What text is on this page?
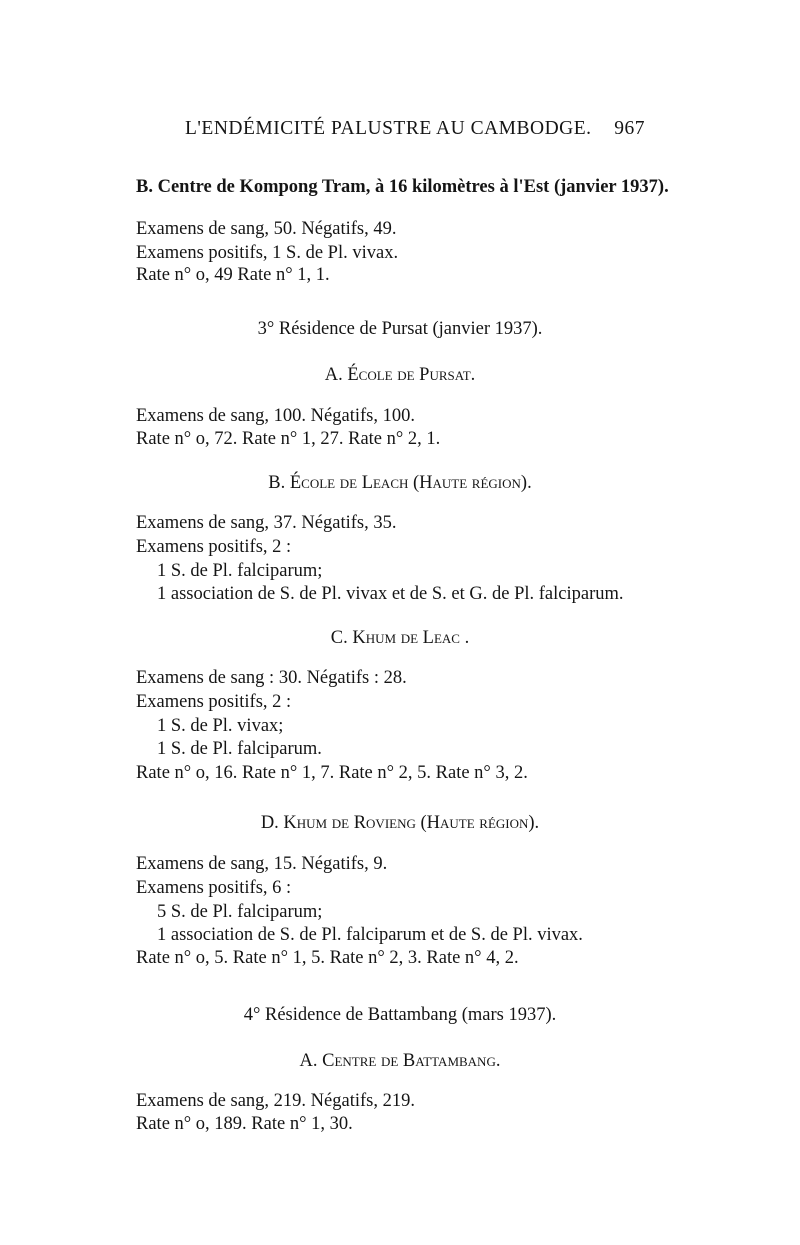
L'ENDÉMICITÉ PALUSTRE AU CAMBODGE. 967
B. Centre de Kompong Tram, à 16 kilomètres à l'Est (janvier 1937).
Examens de sang, 50. Négatifs, 49.
Examens positifs, 1 S. de Pl. vivax.
Rate n° o, 49 Rate n° 1, 1.
3° Résidence de Pursat (janvier 1937).
A. École de Pursat.
Examens de sang, 100. Négatifs, 100.
Rate n° o, 72. Rate n° 1, 27. Rate n° 2, 1.
B. École de Leach (Haute région).
Examens de sang, 37. Négatifs, 35.
Examens positifs, 2 :
1 S. de Pl. falciparum;
1 association de S. de Pl. vivax et de S. et G. de Pl. falciparum.
C. Khum de Leac .
Examens de sang : 30. Négatifs : 28.
Examens positifs, 2 :
1 S. de Pl. vivax;
1 S. de Pl. falciparum.
Rate n° o, 16. Rate n° 1, 7. Rate n° 2, 5. Rate n° 3, 2.
D. Khum de Rovieng (Haute région).
Examens de sang, 15. Négatifs, 9.
Examens positifs, 6 :
5 S. de Pl. falciparum;
1 association de S. de Pl. falciparum et de S. de Pl. vivax.
Rate n° o, 5. Rate n° 1, 5. Rate n° 2, 3. Rate n° 4, 2.
4° Résidence de Battambang (mars 1937).
A. Centre de Battambang.
Examens de sang, 219. Négatifs, 219.
Rate n° o, 189. Rate n° 1, 30.
